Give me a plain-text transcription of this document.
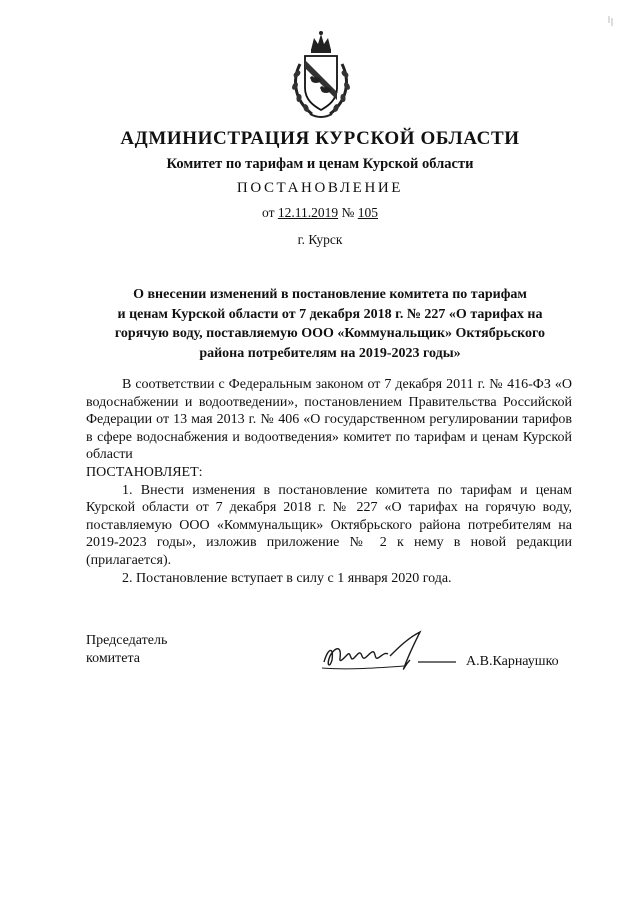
АДМИНИСТРАЦИЯ КУРСКОЙ ОБЛАСТИ
Комитет по тарифам и ценам Курской области
ПОСТАНОВЛЕНИЕ
от 12.11.2019 № 105
г. Курск
О внесении изменений в постановление комитета по тарифам
и ценам Курской области от 7 декабря 2018 г. № 227 «О тарифах на
горячую воду, поставляемую ООО «Коммунальщик» Октябрьского
района потребителям на 2019-2023 годы»

В соответствии с Федеральным законом от 7 декабря 2011 г. № 416-ФЗ «О водоснабжении и водоотведении», постановлением Правительства Российской Федерации от 13 мая 2013 г. № 406 «О государственном регулировании тарифов в сфере водоснабжения и водоотведения» комитет по тарифам и ценам Курской области

ПОСТАНОВЛЯЕТ:

1. Внести изменения в постановление комитета по тарифам и ценам Курской области от 7 декабря 2018 г. № 227 «О тарифах на горячую воду, поставляемую ООО «Коммунальщик» Октябрьского района потребителям на 2019-2023 годы», изложив приложение № 2 к нему в новой редакции (прилагается).

2. Постановление вступает в силу с 1 января 2020 года.

Председатель
комитета	А.В.Карнаушко
